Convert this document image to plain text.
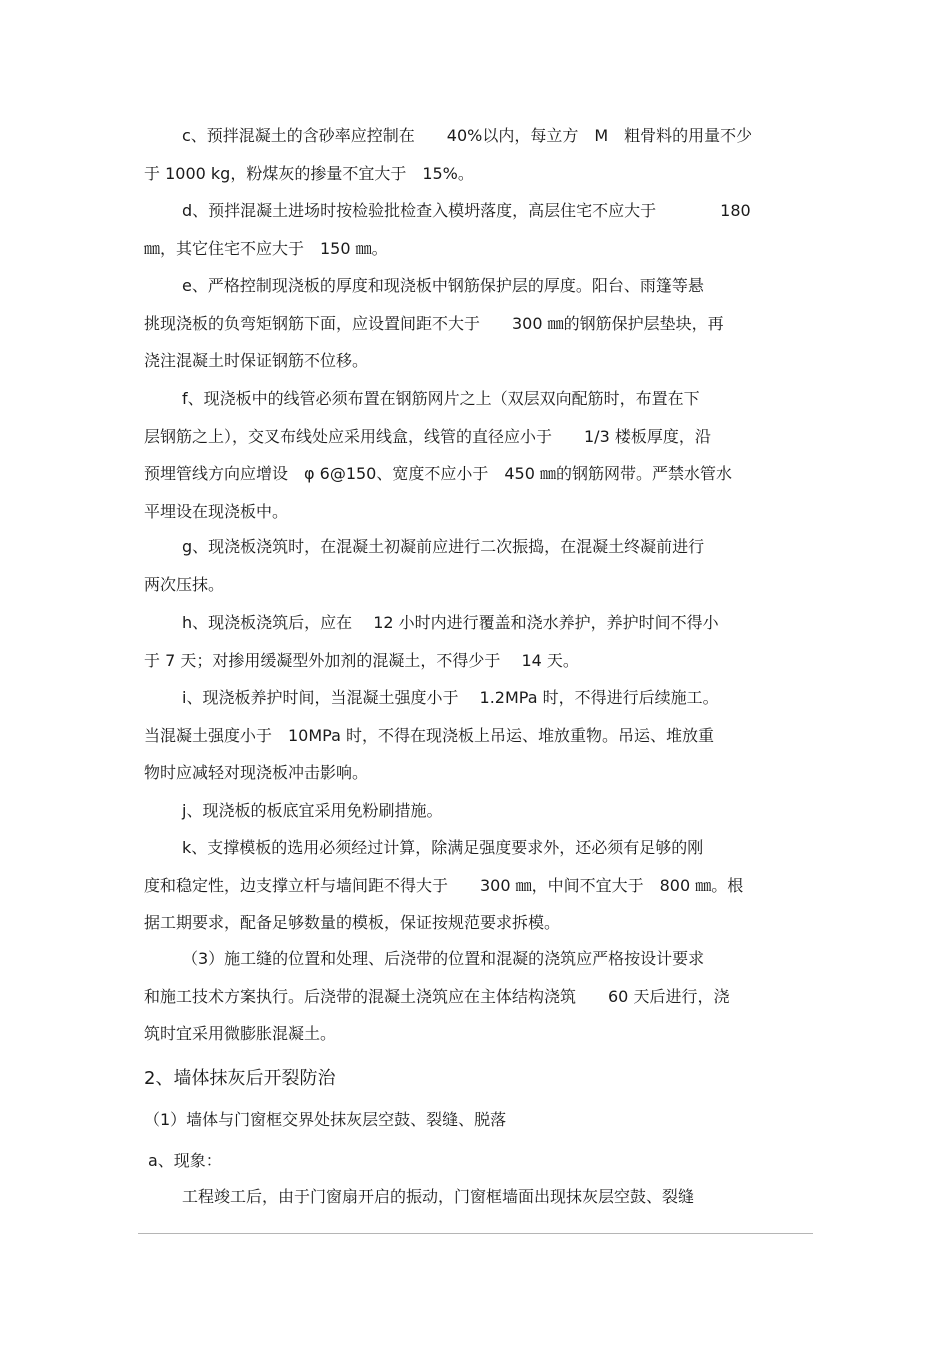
c、预拌混凝土的含砂率应控制在　　40%以内，每立方　M　粗骨料的用量不少
于 1000 kg，粉煤灰的掺量不宜大于　15%。
d、预拌混凝土进场时按检验批检查入模坍落度，高层住宅不应大于　　　　180
㎜，其它住宅不应大于　150 ㎜。
e、严格控制现浇板的厚度和现浇板中钢筋保护层的厚度。阳台、雨篷等悬
挑现浇板的负弯矩钢筋下面，应设置间距不大于　　300 ㎜的钢筋保护层垫块，再
浇注混凝土时保证钢筋不位移。
f、现浇板中的线管必须布置在钢筋网片之上（双层双向配筋时，布置在下
层钢筋之上），交叉布线处应采用线盒，线管的直径应小于　　1/3 楼板厚度，沿
预埋管线方向应增设　φ 6@150、宽度不应小于　450 ㎜的钢筋网带。严禁水管水
平埋设在现浇板中。
g、现浇板浇筑时，在混凝土初凝前应进行二次振捣，在混凝土终凝前进行
两次压抹。
h、现浇板浇筑后，应在　 12 小时内进行覆盖和浇水养护，养护时间不得小
于 7 天；对掺用缓凝型外加剂的混凝土，不得少于　 14 天。
i、现浇板养护时间，当混凝土强度小于　 1.2MPa 时，不得进行后续施工。
当混凝土强度小于　10MPa 时，不得在现浇板上吊运、堆放重物。吊运、堆放重
物时应减轻对现浇板冲击影响。
j、现浇板的板底宜采用免粉刷措施。
k、支撑模板的选用必须经过计算，除满足强度要求外，还必须有足够的刚
度和稳定性，边支撑立杆与墙间距不得大于　　300 ㎜，中间不宜大于　800 ㎜。根
据工期要求，配备足够数量的模板，保证按规范要求拆模。
（3）施工缝的位置和处理、后浇带的位置和混凝的浇筑应严格按设计要求
和施工技术方案执行。后浇带的混凝土浇筑应在主体结构浇筑　　60 天后进行，浇
筑时宜采用微膨胀混凝土。
2、墙体抹灰后开裂防治
（1）墙体与门窗框交界处抹灰层空鼓、裂缝、脱落
a、现象：
工程竣工后，由于门窗扇开启的振动，门窗框墙面出现抹灰层空鼓、裂缝
